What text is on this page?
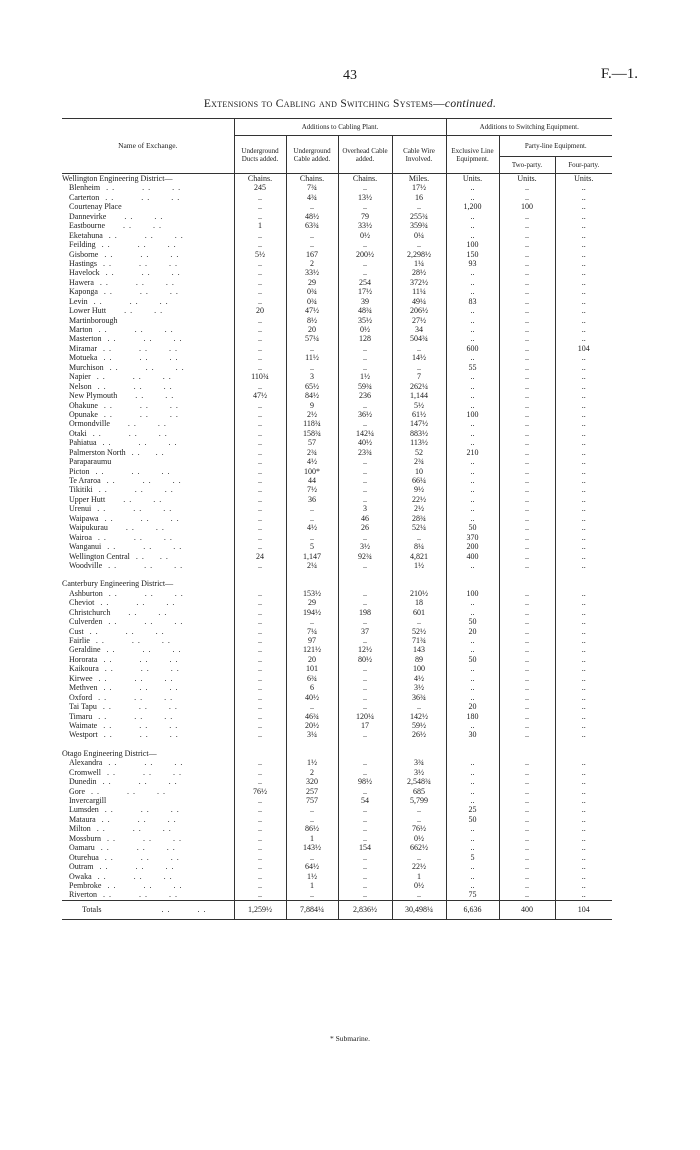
43	F.—1.
Extensions to Cabling and Switching Systems—continued.
Name of Exchange.	Additions to Cabling Plant.				Additions to Switching Equipment.		
	Underground Ducts added.	Underground Cable added.	Overhead Cable added.	Cable Wire Involved.	Exclusive Line Equipment.	Party-line Equipment.	
						Two-party.	Four-party.
Wellington Engineering District—	Chains.	Chains.	Chains.	Miles.	Units.	Units.	Units.
Blenheim ..    ..   ..	245	7¾	..	17½	..	..	..
Carterton ..    ..   ..	..	4¾	13½	16	..	..	..
Courtenay Place	..	..	..	..	1,200	100	..
Dannevirke   ..   ..	..	48½	79	255¾	..	..	..
Eastbourne   ..   ..	1	63¾	33½	359¾	..	..	..
Eketahuna ..    ..   ..	..	..	0½	0¼	..	..	..
Feilding ..    ..   ..	..	..	..	..	100	..	..
Gisborne ..    ..   ..	5½	167	200½	2,298½	150	..	..
Hastings ..    ..   ..	..	2	..	1¼	93	..	..
Havelock ..    ..   ..	..	33½	..	28½	..	..	..
Hawera ..    ..   ..	..	29	254	372½	..	..	..
Kaponga ..    ..   ..	..	0¾	17½	11¼	..	..	..
Levin ..    ..   ..	..	0¾	39	49¼	83	..	..
Lower Hutt   ..   ..	20	47½	48¾	206½	..	..	..
Martinborough	..	8½	35½	27½	..	..	..
Marton ..    ..   ..	..	20	0½	34	..	..	..
Masterton ..    ..   ..	..	57¼	128	504¾	..	..	..
Miramar ..    ..   ..	..	..	..	..	600	..	104
Motueka ..    ..   ..	..	11½	..	14½	..	..	..
Murchison ..    ..   ..	..	..	..	..	55	..	..
Napier ..    ..   ..	110¾	3	1½	7	..	..	..
Nelson ..    ..   ..	..	65½	59¾	262¼	..	..	..
New Plymouth   ..   ..	47½	84½	236	1,144	..	..	..
Ohakune ..    ..   ..	..	9	..	5½	..	..	..
Opunake ..    ..   ..	..	2½	36½	61½	100	..	..
Ormondville   ..   ..	..	118¾	..	147½	..	..	..
Otaki ..    ..   ..	..	158¾	142¼	883½	..	..	..
Pahiatua ..    ..   ..	..	57	40½	113½	..	..	..
Palmerston North ..  ..	..	2¾	23¾	52	210	..	..
Paraparaumu	..	4½	..	2¾	..	..	..
Picton ..    ..   ..	..	100*	..	10	..	..	..
Te Araroa ..    ..   ..	..	44	..	66¼	..	..	..
Tikitiki ..    ..   ..	..	7½	..	9½	..	..	..
Upper Hutt   ..   ..	..	36	..	22½	..	..	..
Urenui ..    ..   ..	..	..	3	2½	..	..	..
Waipawa ..    ..   ..	..	..	46	28¾	..	..	..
Waipukurau   ..   ..	..	4½	26	52¼	50	..	..
Wairoa ..    ..   ..	..	..	..	..	370	..	..
Wanganui ..    ..   ..	..	5	3½	8¼	200	..	..
Wellington Central ..  ..	24	1,147	92¾	4,821	400	..	..
Woodville ..    ..   ..	..	2¼	..	1½	..	..	..

Canterbury Engineering District—							
Ashburton ..    ..   ..	..	153½	..	210½	100	..	..
Cheviot ..    ..   ..	..	29	..	18	..	..	..
Christchurch   ..   ..	..	194½	198	601	..	..	..
Culverden ..    ..   ..	..	..	..	..	50	..	..
Cust ..    ..   ..	..	7¼	37	52½	20	..	..
Fairlie ..    ..   ..	..	97	..	71¾	..	..	..
Geraldine ..    ..   ..	..	121½	12½	143	..	..	..
Hororata ..    ..   ..	..	20	80½	89	50	..	..
Kaikoura ..    ..   ..	..	101	..	100	..	..	..
Kirwee ..    ..   ..	..	6¾	..	4½	..	..	..
Methven ..    ..   ..	..	6	..	3½	..	..	..
Oxford ..    ..   ..	..	40½	..	36¾	..	..	..
Tai Tapu ..    ..   ..	..	..	..	..	20	..	..
Timaru ..    ..   ..	..	46¾	120¼	142½	180	..	..
Waimate ..    ..   ..	..	20½	17	59½	..	..	..
Westport ..    ..   ..	..	3¼	..	26½	30	..	..

Otago Engineering District—							
Alexandra ..    ..   ..	..	1½	..	3¾	..	..	..
Cromwell ..    ..   ..	..	2	..	3½	..	..	..
Dunedin ..    ..   ..	..	320	98½	2,548¾	..	..	..
Gore ..    ..   ..	76½	257	..	685	..	..	..
Invercargill	..	757	54	5,799	..	..	..
Lumsden ..    ..   ..	..	..	..	..	25	..	..
Mataura ..    ..   ..	..	..	..	..	50	..	..
Milton ..    ..   ..	..	86½	..	76½	..	..	..
Mossburn ..    ..   ..	..	1	..	0½	..	..	..
Oamaru ..    ..   ..	..	143½	154	662½	..	..	..
Oturehua ..    ..   ..	..	..	..	..	5	..	..
Outram ..    ..   ..	..	64½	..	22½	..	..	..
Owaka ..    ..   ..	..	1½	..	1	..	..	..
Pembroke ..    ..   ..	..	1	..	0½	..	..	..
Riverton ..    ..   ..	..	..	..	..	75	..	..
Totals          ..    ..	1,259½	7,884¼	2,836½	30,498¼	6,636	400	104
* Submarine.
